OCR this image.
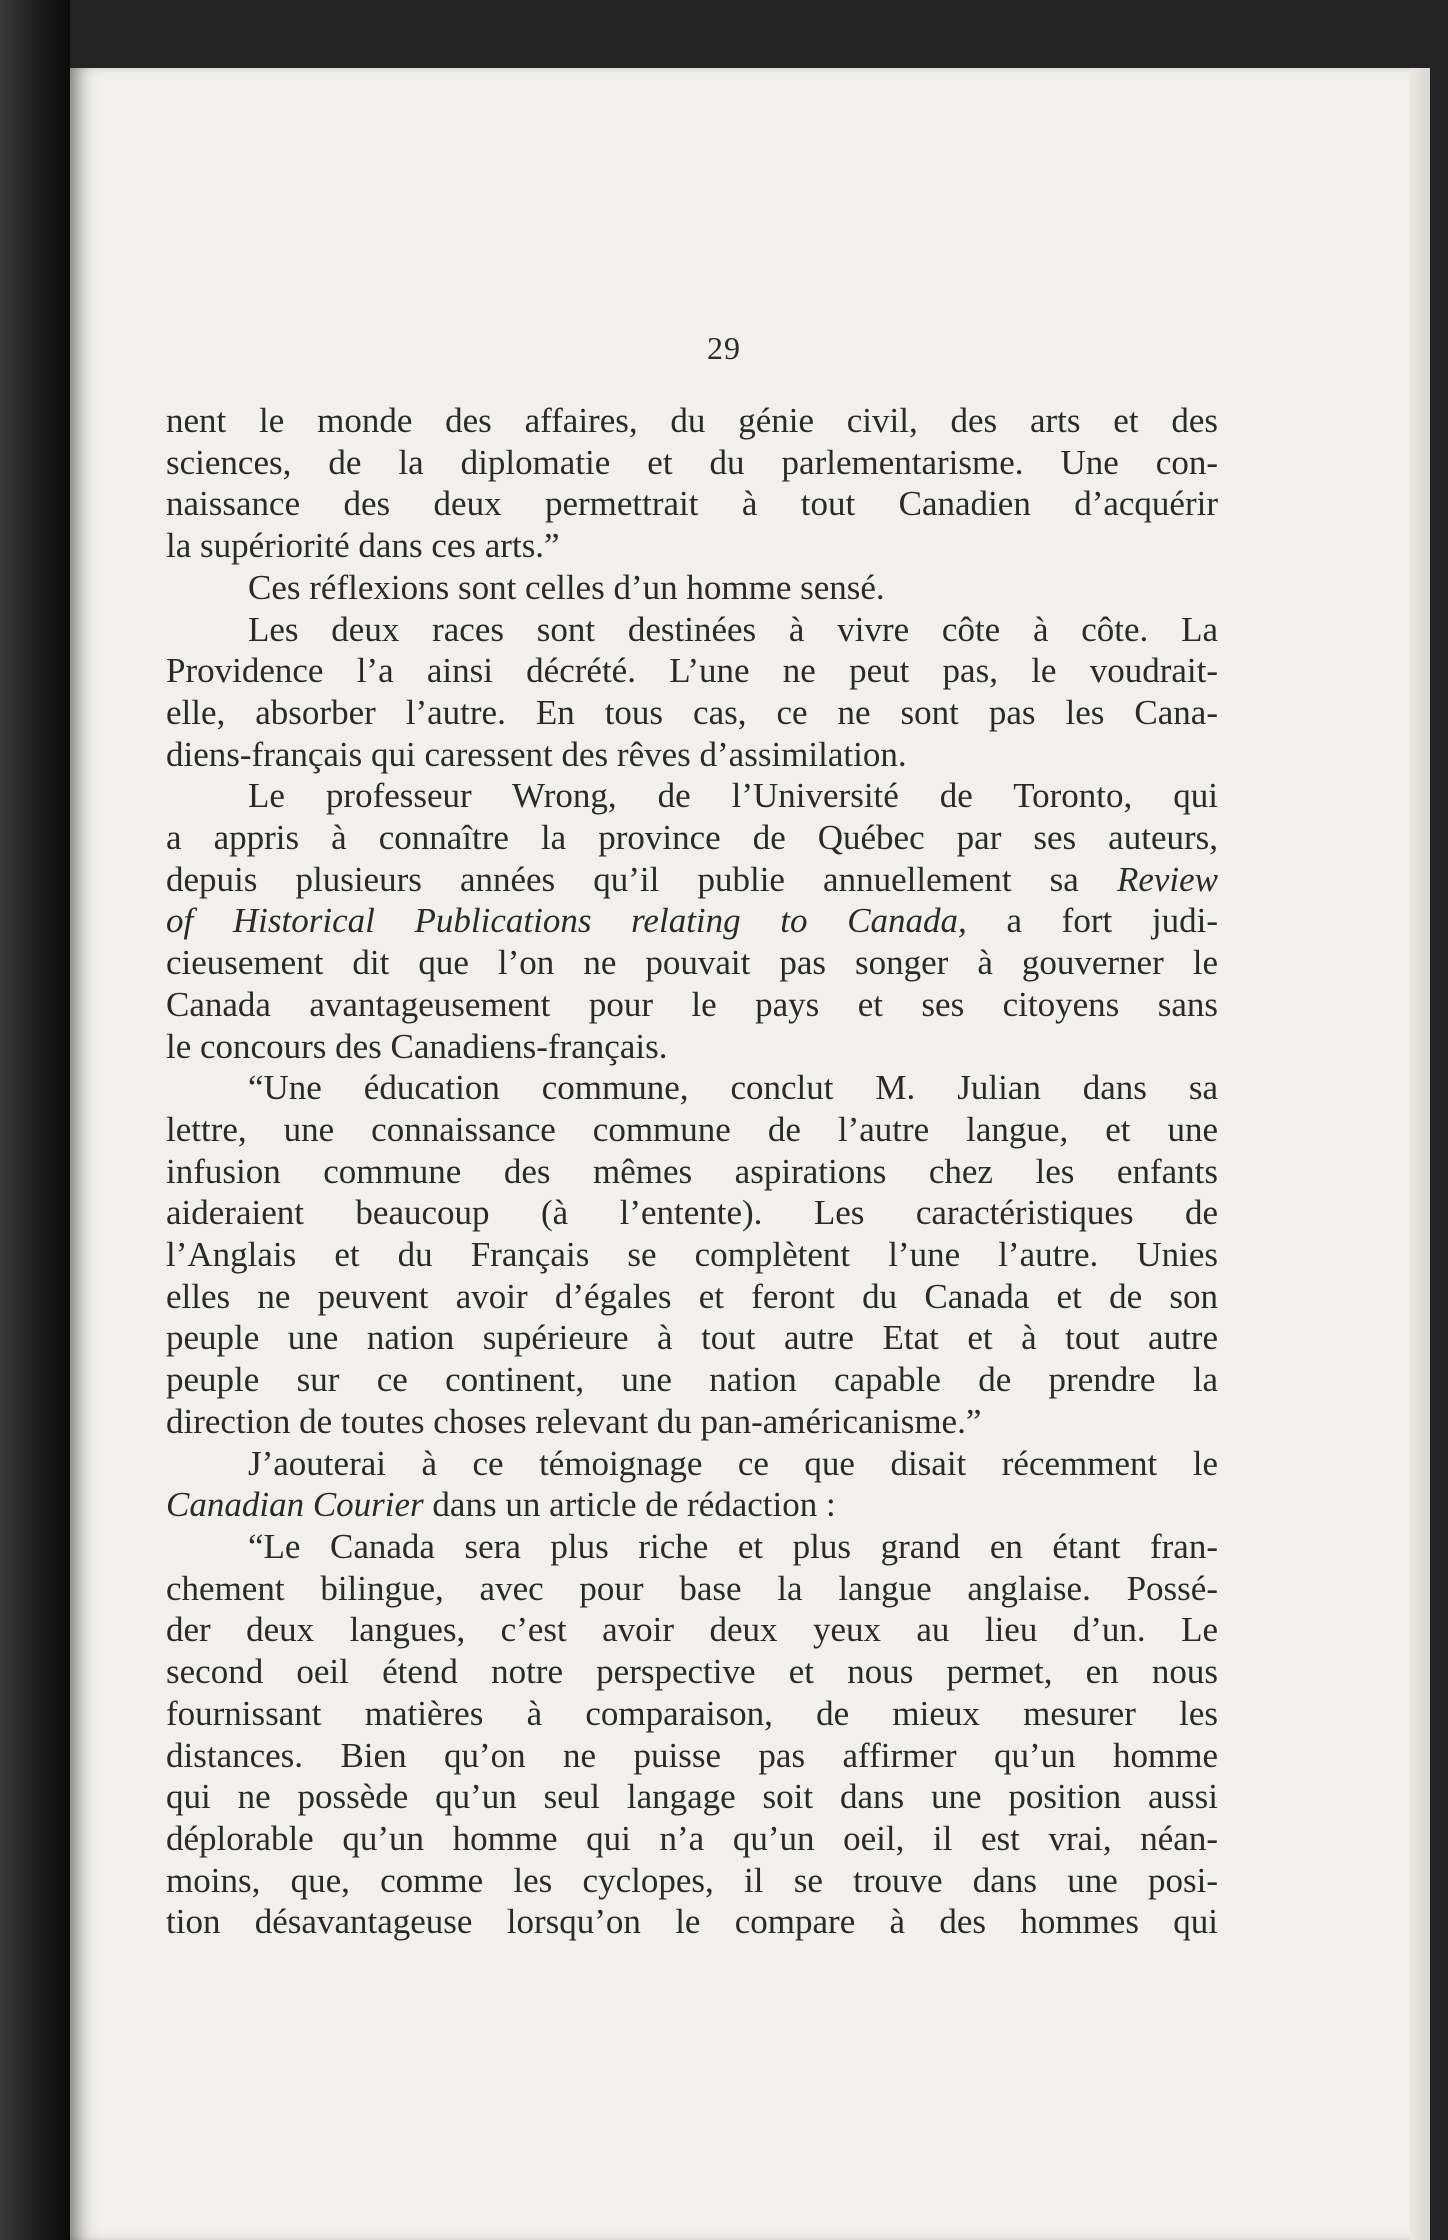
29

nent le monde des affaires, du génie civil, des arts et des
sciences, de la diplomatie et du parlementarisme. Une con-
naissance des deux permettrait à tout Canadien d’acquérir
la supériorité dans ces arts.”

Ces réflexions sont celles d’un homme sensé.

Les deux races sont destinées à vivre côte à côte. La
Providence l’a ainsi décrété. L’une ne peut pas, le voudrait-
elle, absorber l’autre. En tous cas, ce ne sont pas les Cana-
diens-français qui caressent des rêves d’assimilation.

Le professeur Wrong, de l’Université de Toronto, qui
a appris à connaître la province de Québec par ses auteurs,
depuis plusieurs années qu’il publie annuellement sa Review
of Historical Publications relating to Canada, a fort judi-
cieusement dit que l’on ne pouvait pas songer à gouverner le
Canada avantageusement pour le pays et ses citoyens sans
le concours des Canadiens-français.

“Une éducation commune, conclut M. Julian dans sa
lettre, une connaissance commune de l’autre langue, et une
infusion commune des mêmes aspirations chez les enfants
aideraient beaucoup (à l’entente). Les caractéristiques de
l’Anglais et du Français se complètent l’une l’autre. Unies
elles ne peuvent avoir d’égales et feront du Canada et de son
peuple une nation supérieure à tout autre Etat et à tout autre
peuple sur ce continent, une nation capable de prendre la
direction de toutes choses relevant du pan-américanisme.”

J’aouterai à ce témoignage ce que disait récemment le
Canadian Courier dans un article de rédaction :

“Le Canada sera plus riche et plus grand en étant fran-
chement bilingue, avec pour base la langue anglaise. Possé-
der deux langues, c’est avoir deux yeux au lieu d’un. Le
second oeil étend notre perspective et nous permet, en nous
fournissant matières à comparaison, de mieux mesurer les
distances. Bien qu’on ne puisse pas affirmer qu’un homme
qui ne possède qu’un seul langage soit dans une position aussi
déplorable qu’un homme qui n’a qu’un oeil, il est vrai, néan-
moins, que, comme les cyclopes, il se trouve dans une posi-
tion désavantageuse lorsqu’on le compare à des hommes qui
